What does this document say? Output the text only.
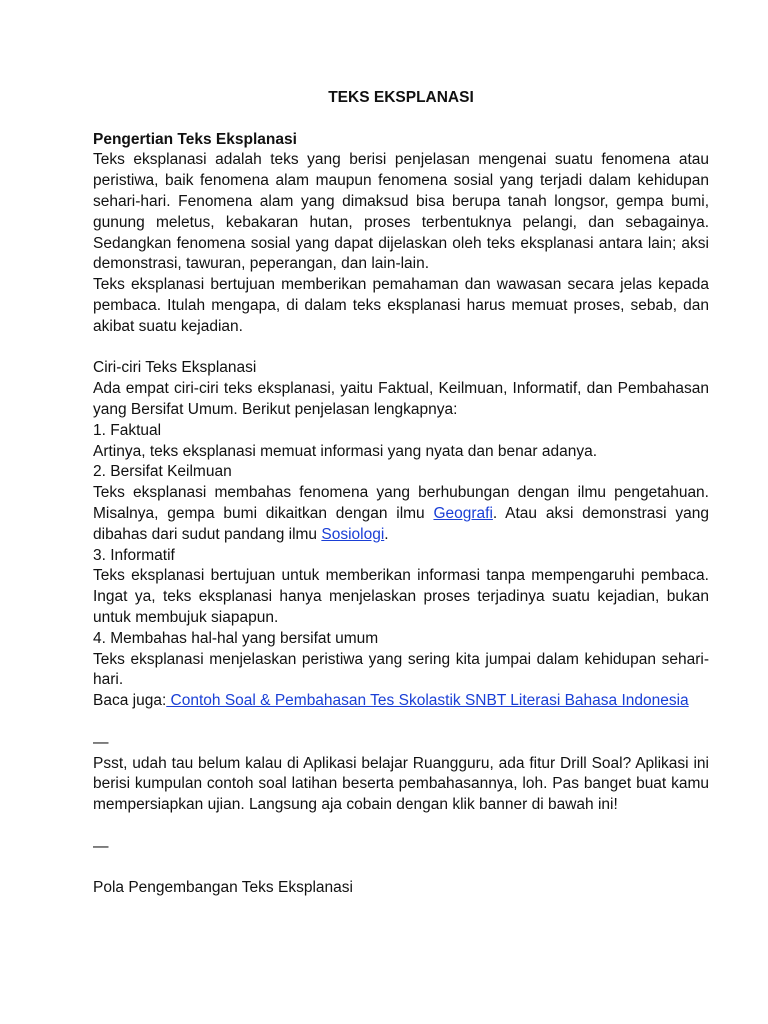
TEKS EKSPLANASI
Pengertian Teks Eksplanasi

Teks eksplanasi adalah teks yang berisi penjelasan mengenai suatu fenomena atau peristiwa, baik fenomena alam maupun fenomena sosial yang terjadi dalam kehidupan sehari-hari. Fenomena alam yang dimaksud bisa berupa tanah longsor, gempa bumi, gunung meletus, kebakaran hutan, proses terbentuknya pelangi, dan sebagainya. Sedangkan fenomena sosial yang dapat dijelaskan oleh teks eksplanasi antara lain; aksi demonstrasi, tawuran, peperangan, dan lain-lain.

Teks eksplanasi bertujuan memberikan pemahaman dan wawasan secara jelas kepada pembaca. Itulah mengapa, di dalam teks eksplanasi harus memuat proses, sebab, dan akibat suatu kejadian.

Ciri-ciri Teks Eksplanasi

Ada empat ciri-ciri teks eksplanasi, yaitu Faktual, Keilmuan, Informatif, dan Pembahasan yang Bersifat Umum. Berikut penjelasan lengkapnya:

1. Faktual

Artinya, teks eksplanasi memuat informasi yang nyata dan benar adanya.

2. Bersifat Keilmuan

Teks eksplanasi membahas fenomena yang berhubungan dengan ilmu pengetahuan. Misalnya, gempa bumi dikaitkan dengan ilmu Geografi. Atau aksi demonstrasi yang dibahas dari sudut pandang ilmu Sosiologi.

3. Informatif

Teks eksplanasi bertujuan untuk memberikan informasi tanpa mempengaruhi pembaca. Ingat ya, teks eksplanasi hanya menjelaskan proses terjadinya suatu kejadian, bukan untuk membujuk siapapun.

4. Membahas hal-hal yang bersifat umum

Teks eksplanasi menjelaskan peristiwa yang sering kita jumpai dalam kehidupan sehari-hari.

Baca juga: Contoh Soal & Pembahasan Tes Skolastik SNBT Literasi Bahasa Indonesia
—

Psst, udah tau belum kalau di Aplikasi belajar Ruangguru, ada fitur Drill Soal? Aplikasi ini berisi kumpulan contoh soal latihan beserta pembahasannya, loh. Pas banget buat kamu mempersiapkan ujian. Langsung aja cobain dengan klik banner di bawah ini!

—
Pola Pengembangan Teks Eksplanasi
